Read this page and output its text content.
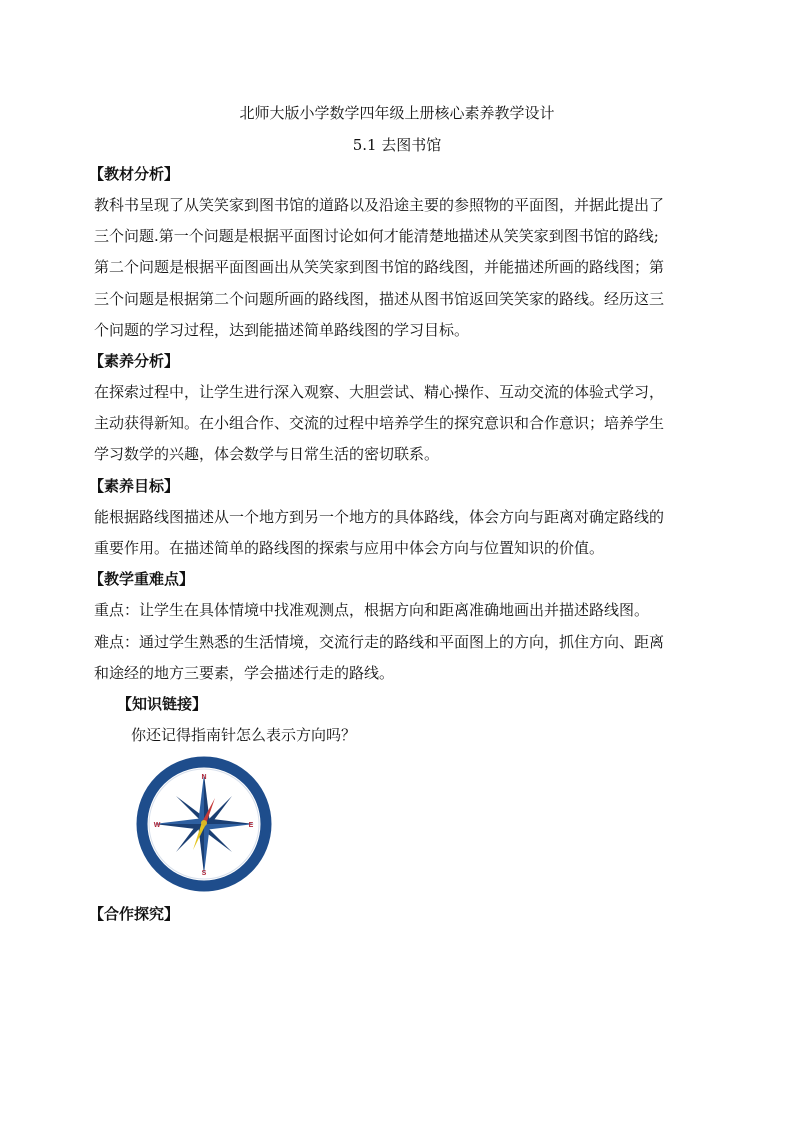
北师大版小学数学四年级上册核心素养教学设计
5.1 去图书馆
【教材分析】
教科书呈现了从笑笑家到图书馆的道路以及沿途主要的参照物的平面图，并据此提出了
三个问题.第一个问题是根据平面图讨论如何才能清楚地描述从笑笑家到图书馆的路线;
第二个问题是根据平面图画出从笑笑家到图书馆的路线图，并能描述所画的路线图；第
三个问题是根据第二个问题所画的路线图，描述从图书馆返回笑笑家的路线。经历这三
个问题的学习过程，达到能描述简单路线图的学习目标。
【素养分析】
在探索过程中，让学生进行深入观察、大胆尝试、精心操作、互动交流的体验式学习，
主动获得新知。在小组合作、交流的过程中培养学生的探究意识和合作意识；培养学生
学习数学的兴趣，体会数学与日常生活的密切联系。
【素养目标】
能根据路线图描述从一个地方到另一个地方的具体路线，体会方向与距离对确定路线的
重要作用。在描述简单的路线图的探索与应用中体会方向与位置知识的价值。
【教学重难点】
重点：让学生在具体情境中找准观测点，根据方向和距离准确地画出并描述路线图。
难点：通过学生熟悉的生活情境，交流行走的路线和平面图上的方向，抓住方向、距离
和途经的地方三要素，学会描述行走的路线。
【知识链接】
你还记得指南针怎么表示方向吗？
N
S
E
W
【合作探究】
